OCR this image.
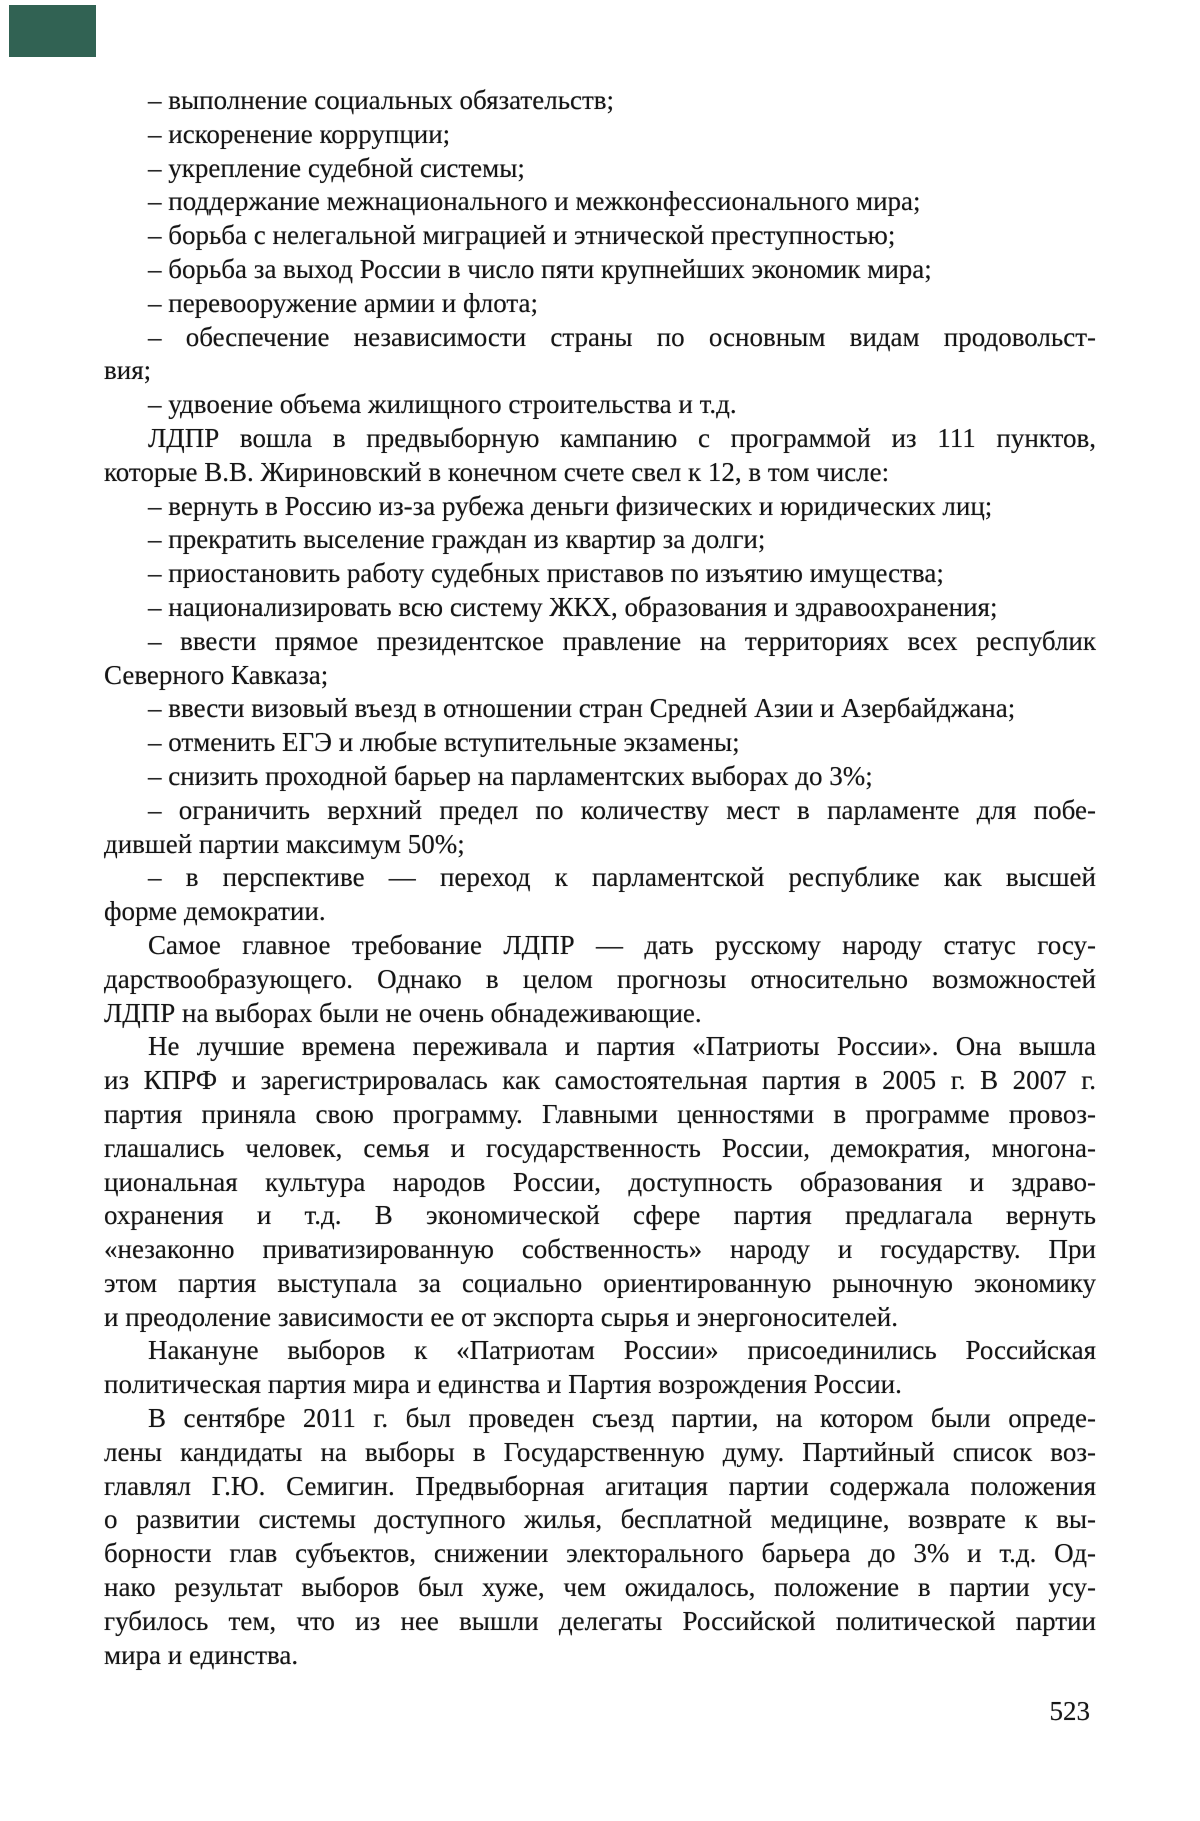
– выполнение социальных обязательств;
– искоренение коррупции;
– укрепление судебной системы;
– поддержание межнационального и межконфессионального мира;
– борьба с нелегальной миграцией и этнической преступностью;
– борьба за выход России в число пяти крупнейших экономик мира;
– перевооружение армии и флота;
– обеспечение независимости страны по основным видам продовольст-
вия;
– удвоение объема жилищного строительства и т.д.
ЛДПР вошла в предвыборную кампанию с программой из 111 пунктов,
которые В.В. Жириновский в конечном счете свел к 12, в том числе:
– вернуть в Россию из-за рубежа деньги физических и юридических лиц;
– прекратить выселение граждан из квартир за долги;
– приостановить работу судебных приставов по изъятию имущества;
– национализировать всю систему ЖКХ, образования и здравоохранения;
– ввести прямое президентское правление на территориях всех республик
Северного Кавказа;
– ввести визовый въезд в отношении стран Средней Азии и Азербайджана;
– отменить ЕГЭ и любые вступительные экзамены;
– снизить проходной барьер на парламентских выборах до 3%;
– ограничить верхний предел по количеству мест в парламенте для побе-
дившей партии максимум 50%;
– в перспективе — переход к парламентской республике как высшей
форме демократии.
Самое главное требование ЛДПР — дать русскому народу статус госу-
дарствообразующего. Однако в целом прогнозы относительно возможностей
ЛДПР на выборах были не очень обнадеживающие.
Не лучшие времена переживала и партия «Патриоты России». Она вышла
из КПРФ и зарегистрировалась как самостоятельная партия в 2005 г. В 2007 г.
партия приняла свою программу. Главными ценностями в программе провоз-
глашались человек, семья и государственность России, демократия, многона-
циональная культура народов России, доступность образования и здраво-
охранения и т.д. В экономической сфере партия предлагала вернуть
«незаконно приватизированную собственность» народу и государству. При
этом партия выступала за социально ориентированную рыночную экономику
и преодоление зависимости ее от экспорта сырья и энергоносителей.
Накануне выборов к «Патриотам России» присоединились Российская
политическая партия мира и единства и Партия возрождения России.
В сентябре 2011 г. был проведен съезд партии, на котором были опреде-
лены кандидаты на выборы в Государственную думу. Партийный список воз-
главлял Г.Ю. Семигин. Предвыборная агитация партии содержала положения
о развитии системы доступного жилья, бесплатной медицине, возврате к вы-
борности глав субъектов, снижении электорального барьера до 3% и т.д. Од-
нако результат выборов был хуже, чем ожидалось, положение в партии усу-
губилось тем, что из нее вышли делегаты Российской политической партии
мира и единства.
523
